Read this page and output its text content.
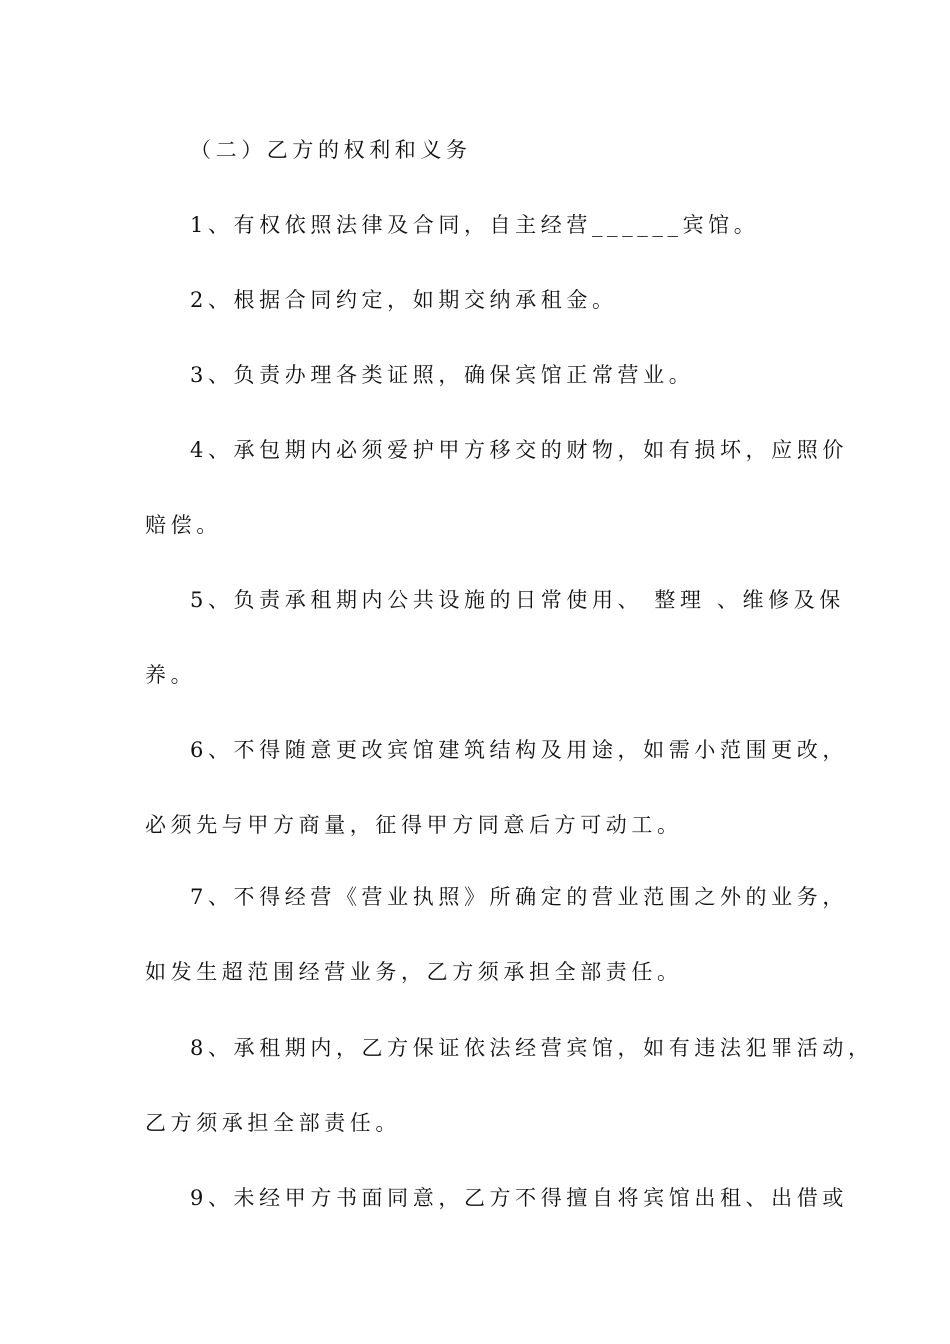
（二）乙方的权利和义务
1、有权依照法律及合同，自主经营______宾馆。
2、根据合同约定，如期交纳承租金。
3、负责办理各类证照，确保宾馆正常营业。
4、承包期内必须爱护甲方移交的财物，如有损坏，应照价
赔偿。
5、负责承租期内公共设施的日常使用、 整理 、维修及保
养。
6、不得随意更改宾馆建筑结构及用途，如需小范围更改，
必须先与甲方商量，征得甲方同意后方可动工。
7、不得经营《营业执照》所确定的营业范围之外的业务，
如发生超范围经营业务，乙方须承担全部责任。
8、承租期内，乙方保证依法经营宾馆，如有违法犯罪活动，
乙方须承担全部责任。
9、未经甲方书面同意，乙方不得擅自将宾馆出租、出借或
